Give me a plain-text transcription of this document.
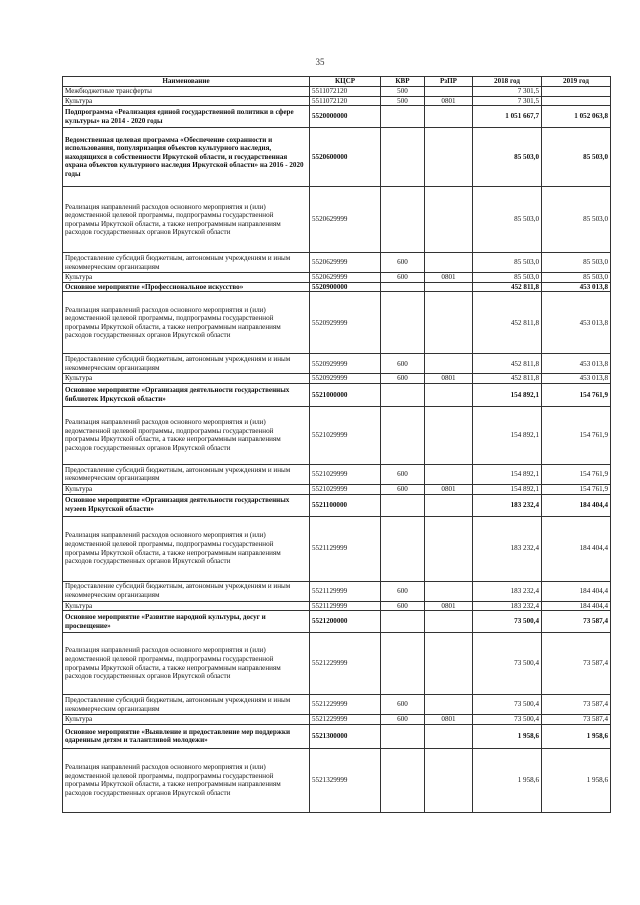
35
Наименование	КЦСР	КВР	РзПР	2018 год	2019 год
Межбюджетные трансферты	5511072120	500		7 301,5	
Культура	5511072120	500	0801	7 301,5	
Подпрограмма «Реализация единой государственной политики в сфере культуры» на 2014 - 2020 годы	5520000000			1 051 667,7	1 052 063,8
Ведомственная целевая программа «Обеспечение сохранности и использования, популяризация объектов культурного наследия, находящихся в собственности Иркутской области, и государственная охрана объектов культурного наследия Иркутской области» на 2016 - 2020 годы	5520600000			85 503,0	85 503,0
Реализация направлений расходов основного мероприятия и (или) ведомственной целевой программы, подпрограммы государственной программы Иркутской области, а также непрограммным направлениям расходов государственных органов Иркутской области	5520629999			85 503,0	85 503,0
Предоставление субсидий бюджетным, автономным учреждениям и иным некоммерческим организациям	5520629999	600		85 503,0	85 503,0
Культура	5520629999	600	0801	85 503,0	85 503,0
Основное мероприятие «Профессиональное искусство»	5520900000			452 811,8	453 013,8
Реализация направлений расходов основного мероприятия и (или) ведомственной целевой программы, подпрограммы государственной программы Иркутской области, а также непрограммным направлениям расходов государственных органов Иркутской области	5520929999			452 811,8	453 013,8
Предоставление субсидий бюджетным, автономным учреждениям и иным некоммерческим организациям	5520929999	600		452 811,8	453 013,8
Культура	5520929999	600	0801	452 811,8	453 013,8
Основное мероприятие «Организация деятельности государственных библиотек Иркутской области»	5521000000			154 892,1	154 761,9
Реализация направлений расходов основного мероприятия и (или) ведомственной целевой программы, подпрограммы государственной программы Иркутской области, а также непрограммным направлениям расходов государственных органов Иркутской области	5521029999			154 892,1	154 761,9
Предоставление субсидий бюджетным, автономным учреждениям и иным некоммерческим организациям	5521029999	600		154 892,1	154 761,9
Культура	5521029999	600	0801	154 892,1	154 761,9
Основное мероприятие «Организация деятельности государственных музеев Иркутской области»	5521100000			183 232,4	184 404,4
Реализация направлений расходов основного мероприятия и (или) ведомственной целевой программы, подпрограммы государственной программы Иркутской области, а также непрограммным направлениям расходов государственных органов Иркутской области	5521129999			183 232,4	184 404,4
Предоставление субсидий бюджетным, автономным учреждениям и иным некоммерческим организациям	5521129999	600		183 232,4	184 404,4
Культура	5521129999	600	0801	183 232,4	184 404,4
Основное мероприятие «Развитие народной культуры, досуг и просвещение»	5521200000			73 500,4	73 587,4
Реализация направлений расходов основного мероприятия и (или) ведомственной целевой программы, подпрограммы государственной программы Иркутской области, а также непрограммным направлениям расходов государственных органов Иркутской области	5521229999			73 500,4	73 587,4
Предоставление субсидий бюджетным, автономным учреждениям и иным некоммерческим организациям	5521229999	600		73 500,4	73 587,4
Культура	5521229999	600	0801	73 500,4	73 587,4
Основное мероприятие «Выявление и предоставление мер поддержки одаренным детям и талантливой молодежи»	5521300000			1 958,6	1 958,6
Реализация направлений расходов основного мероприятия и (или) ведомственной целевой программы, подпрограммы государственной программы Иркутской области, а также непрограммным направлениям расходов государственных органов Иркутской области	5521329999			1 958,6	1 958,6
